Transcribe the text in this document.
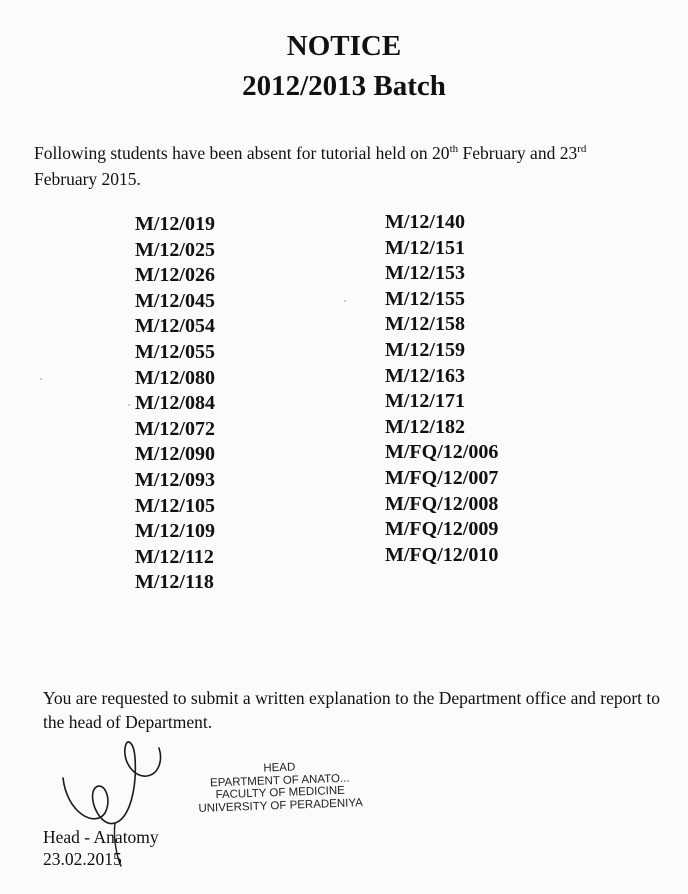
NOTICE
2012/2013 Batch
Following students have been absent for tutorial held on 20th February and 23rd
February 2015.
M/12/019
M/12/025
M/12/026
M/12/045
M/12/054
M/12/055
M/12/080
M/12/084
M/12/072
M/12/090
M/12/093
M/12/105
M/12/109
M/12/112
M/12/118
M/12/140
M/12/151
M/12/153
M/12/155
M/12/158
M/12/159
M/12/163
M/12/171
M/12/182
M/FQ/12/006
M/FQ/12/007
M/FQ/12/008
M/FQ/12/009
M/FQ/12/010
You are requested to submit a written explanation to the Department office and report to the head of Department.
HEAD
EPARTMENT OF ANATO...
FACULTY OF MEDICINE
UNIVERSITY OF PERADENIYA
Head - Anatomy
23.02.2015
